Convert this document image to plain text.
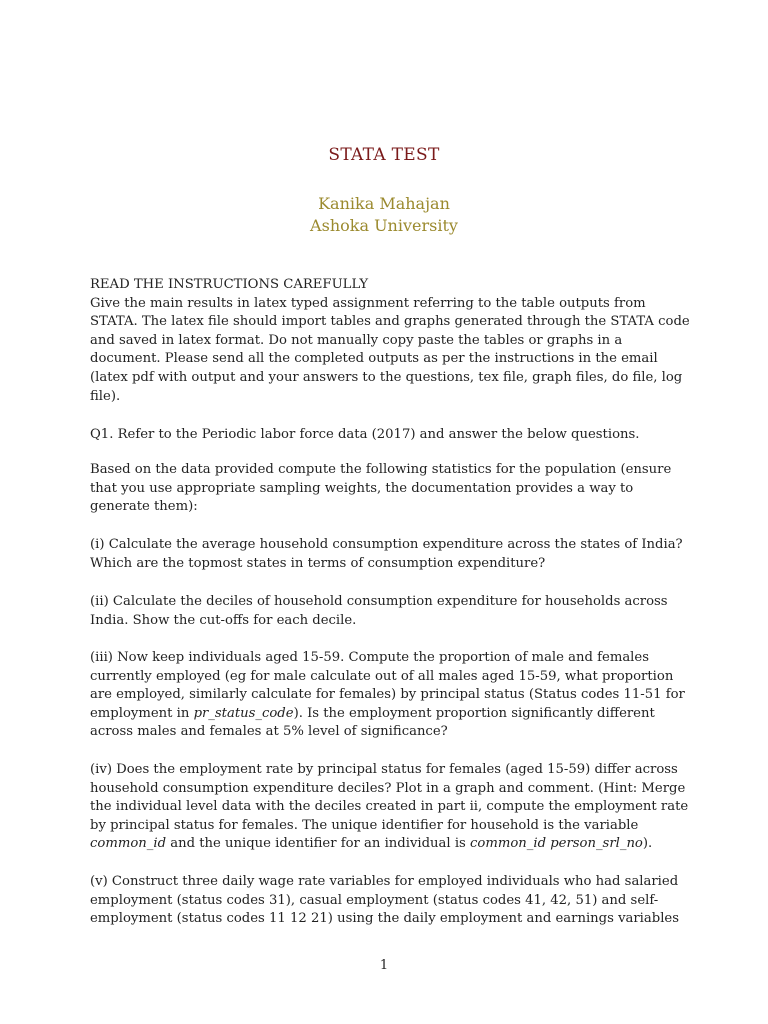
STATA TEST
Kanika Mahajan
Ashoka University

READ THE INSTRUCTIONS CAREFULLY

Give the main results in latex typed assignment referring to the table outputs from STATA. The latex file should import tables and graphs generated through the STATA code and saved in latex format. Do not manually copy paste the tables or graphs in a document. Please send all the completed outputs as per the instructions in the email (latex pdf with output and your answers to the questions, tex file, graph files, do file, log file).

Q1. Refer to the Periodic labor force data (2017) and answer the below questions.

Based on the data provided compute the following statistics for the population (ensure that you use appropriate sampling weights, the documentation provides a way to generate them):

(i) Calculate the average household consumption expenditure across the states of India? Which are the topmost states in terms of consumption expenditure?

(ii) Calculate the deciles of household consumption expenditure for households across India. Show the cut-offs for each decile.

(iii) Now keep individuals aged 15-59. Compute the proportion of male and females currently employed (eg for male calculate out of all males aged 15-59, what proportion are employed, similarly calculate for females) by principal status (Status codes 11-51 for employment in pr_status_code). Is the employment proportion significantly different across males and females at 5% level of significance?

(iv) Does the employment rate by principal status for females (aged 15-59) differ across household consumption expenditure deciles? Plot in a graph and comment. (Hint: Merge the individual level data with the deciles created in part ii, compute the employment rate by principal status for females. The unique identifier for household is the variable common_id and the unique identifier for an individual is common_id person_srl_no).

(v) Construct three daily wage rate variables for employed individuals who had salaried employment (status codes 31), casual employment (status codes 41, 42, 51) and self-employment (status codes 11 12 21) using the daily employment and earnings variables

1
